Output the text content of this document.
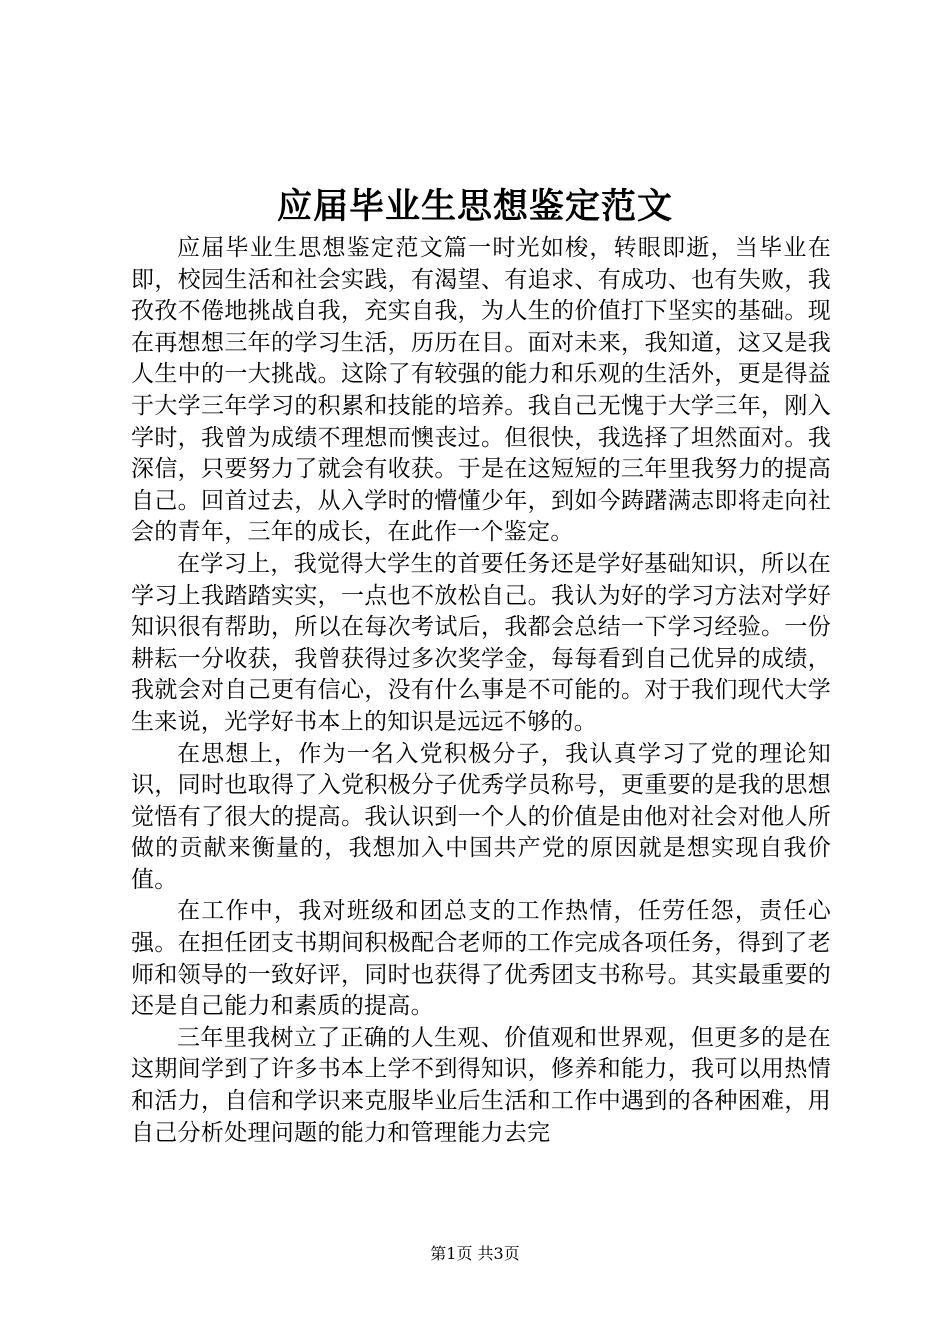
应届毕业生思想鉴定范文

应届毕业生思想鉴定范文篇一时光如梭，转眼即逝，当毕业在即，校园生活和社会实践，有渴望、有追求、有成功、也有失败，我孜孜不倦地挑战自我，充实自我，为人生的价值打下坚实的基础。现在再想想三年的学习生活，历历在目。面对未来，我知道，这又是我人生中的一大挑战。这除了有较强的能力和乐观的生活外，更是得益于大学三年学习的积累和技能的培养。我自己无愧于大学三年，刚入学时，我曾为成绩不理想而懊丧过。但很快，我选择了坦然面对。我深信，只要努力了就会有收获。于是在这短短的三年里我努力的提高自己。回首过去，从入学时的懵懂少年，到如今踌躇满志即将走向社会的青年，三年的成长，在此作一个鉴定。

在学习上，我觉得大学生的首要任务还是学好基础知识，所以在学习上我踏踏实实，一点也不放松自己。我认为好的学习方法对学好知识很有帮助，所以在每次考试后，我都会总结一下学习经验。一份耕耘一分收获，我曾获得过多次奖学金，每每看到自己优异的成绩，我就会对自己更有信心，没有什么事是不可能的。对于我们现代大学生来说，光学好书本上的知识是远远不够的。

在思想上，作为一名入党积极分子，我认真学习了党的理论知识，同时也取得了入党积极分子优秀学员称号，更重要的是我的思想觉悟有了很大的提高。我认识到一个人的价值是由他对社会对他人所做的贡献来衡量的，我想加入中国共产党的原因就是想实现自我价值。

在工作中，我对班级和团总支的工作热情，任劳任怨，责任心强。在担任团支书期间积极配合老师的工作完成各项任务，得到了老师和领导的一致好评，同时也获得了优秀团支书称号。其实最重要的还是自己能力和素质的提高。

三年里我树立了正确的人生观、价值观和世界观，但更多的是在这期间学到了许多书本上学不到得知识，修养和能力，我可以用热情和活力，自信和学识来克服毕业后生活和工作中遇到的各种困难，用自己分析处理问题的能力和管理能力去完

第1页 共3页
